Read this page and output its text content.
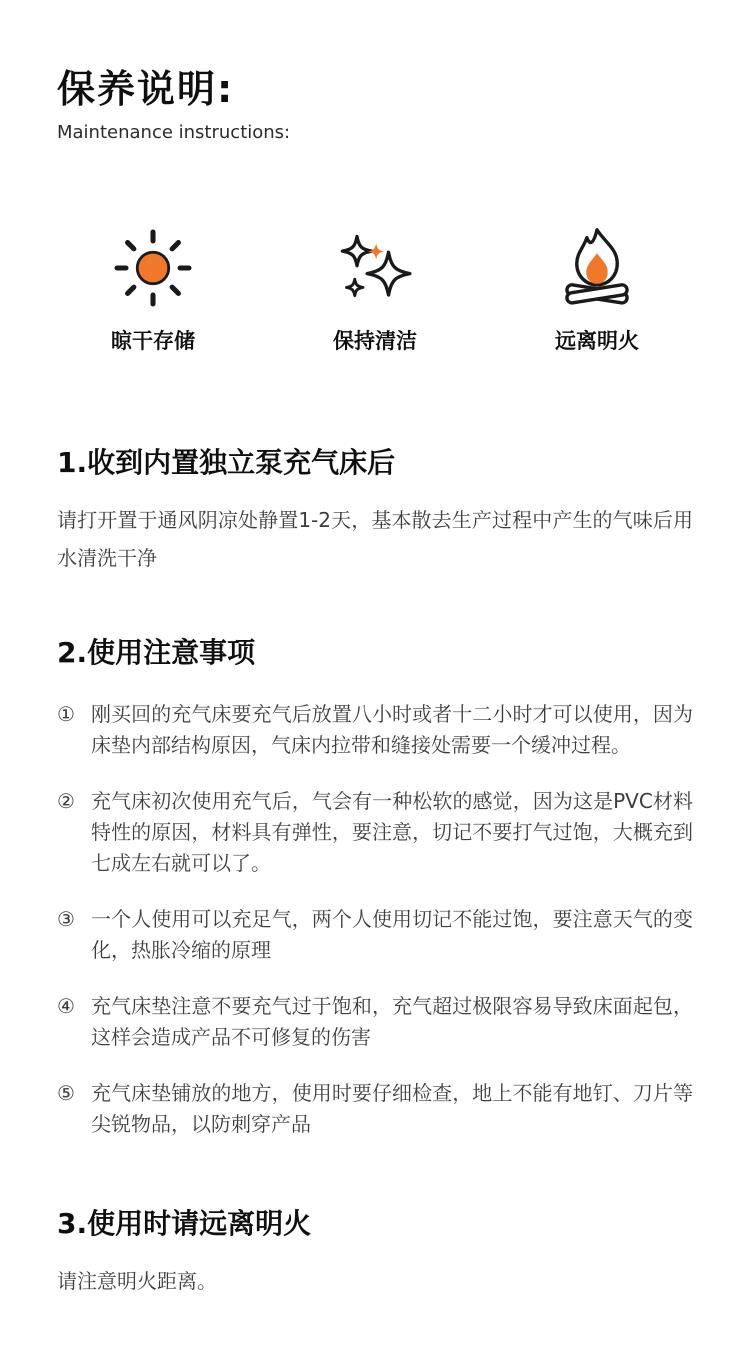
保养说明:
Maintenance instructions:
晾干存储	保持清洁	远离明火
1.收到内置独立泵充气床后

请打开置于通风阴凉处静置1-2天，基本散去生产过程中产生的气味后用水清洗干净

2.使用注意事项
① 刚买回的充气床要充气后放置八小时或者十二小时才可以使用，因为床垫内部结构原因，气床内拉带和缝接处需要一个缓冲过程。
② 充气床初次使用充气后，气会有一种松软的感觉，因为这是PVC材料特性的原因，材料具有弹性，要注意，切记不要打气过饱，大概充到七成左右就可以了。
③ 一个人使用可以充足气，两个人使用切记不能过饱，要注意天气的变化，热胀冷缩的原理
④ 充气床垫注意不要充气过于饱和，充气超过极限容易导致床面起包，这样会造成产品不可修复的伤害
⑤ 充气床垫铺放的地方，使用时要仔细检查，地上不能有地钉、刀片等尖锐物品，以防刺穿产品
3.使用时请远离明火

请注意明火距离。
